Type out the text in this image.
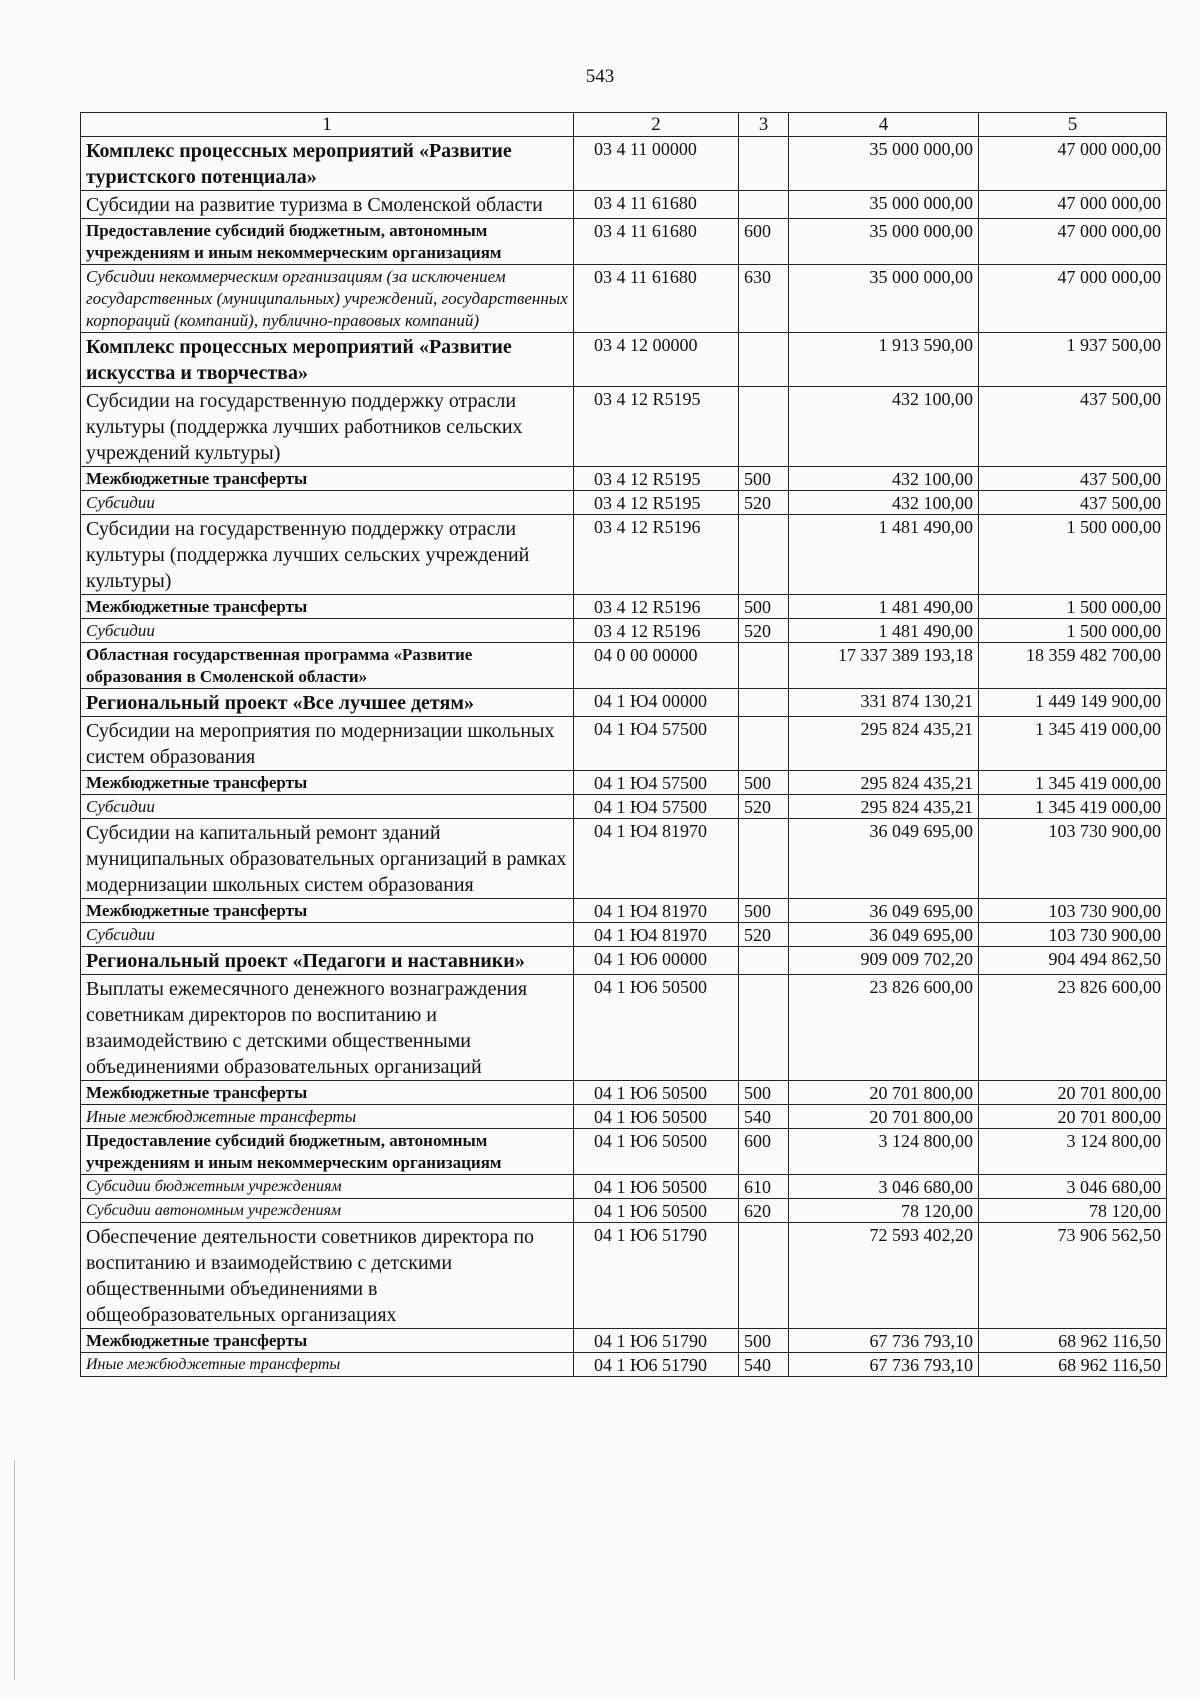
543
1	2	3	4	5
Комплекс процессных мероприятий «Развитие туристского потенциала»	03 4 11 00000		35 000 000,00	47 000 000,00
Субсидии на развитие туризма в Смоленской области	03 4 11 61680		35 000 000,00	47 000 000,00
Предоставление субсидий бюджетным, автономным учреждениям и иным некоммерческим организациям	03 4 11 61680	600	35 000 000,00	47 000 000,00
Субсидии некоммерческим организациям (за исключением государственных (муниципальных) учреждений, государственных корпораций (компаний), публично-правовых компаний)	03 4 11 61680	630	35 000 000,00	47 000 000,00
Комплекс процессных мероприятий «Развитие искусства и творчества»	03 4 12 00000		1 913 590,00	1 937 500,00
Субсидии на государственную поддержку отрасли культуры (поддержка лучших работников сельских учреждений культуры)	03 4 12 R5195		432 100,00	437 500,00
Межбюджетные трансферты	03 4 12 R5195	500	432 100,00	437 500,00
Субсидии	03 4 12 R5195	520	432 100,00	437 500,00
Субсидии на государственную поддержку отрасли культуры (поддержка лучших сельских учреждений культуры)	03 4 12 R5196		1 481 490,00	1 500 000,00
Межбюджетные трансферты	03 4 12 R5196	500	1 481 490,00	1 500 000,00
Субсидии	03 4 12 R5196	520	1 481 490,00	1 500 000,00
Областная государственная программа «Развитие образования в Смоленской области»	04 0 00 00000		17 337 389 193,18	18 359 482 700,00
Региональный проект «Все лучшее детям»	04 1 Ю4 00000		331 874 130,21	1 449 149 900,00
Субсидии на мероприятия по модернизации школьных систем образования	04 1 Ю4 57500		295 824 435,21	1 345 419 000,00
Межбюджетные трансферты	04 1 Ю4 57500	500	295 824 435,21	1 345 419 000,00
Субсидии	04 1 Ю4 57500	520	295 824 435,21	1 345 419 000,00
Субсидии на капитальный ремонт зданий муниципальных образовательных организаций в рамках модернизации школьных систем образования	04 1 Ю4 81970		36 049 695,00	103 730 900,00
Межбюджетные трансферты	04 1 Ю4 81970	500	36 049 695,00	103 730 900,00
Субсидии	04 1 Ю4 81970	520	36 049 695,00	103 730 900,00
Региональный проект «Педагоги и наставники»	04 1 Ю6 00000		909 009 702,20	904 494 862,50
Выплаты ежемесячного денежного вознаграждения советникам директоров по воспитанию и взаимодействию с детскими общественными объединениями образовательных организаций	04 1 Ю6 50500		23 826 600,00	23 826 600,00
Межбюджетные трансферты	04 1 Ю6 50500	500	20 701 800,00	20 701 800,00
Иные межбюджетные трансферты	04 1 Ю6 50500	540	20 701 800,00	20 701 800,00
Предоставление субсидий бюджетным, автономным учреждениям и иным некоммерческим организациям	04 1 Ю6 50500	600	3 124 800,00	3 124 800,00
Субсидии бюджетным учреждениям	04 1 Ю6 50500	610	3 046 680,00	3 046 680,00
Субсидии автономным учреждениям	04 1 Ю6 50500	620	78 120,00	78 120,00
Обеспечение деятельности советников директора по воспитанию и взаимодействию с детскими общественными объединениями в общеобразовательных организациях	04 1 Ю6 51790		72 593 402,20	73 906 562,50
Межбюджетные трансферты	04 1 Ю6 51790	500	67 736 793,10	68 962 116,50
Иные межбюджетные трансферты	04 1 Ю6 51790	540	67 736 793,10	68 962 116,50
